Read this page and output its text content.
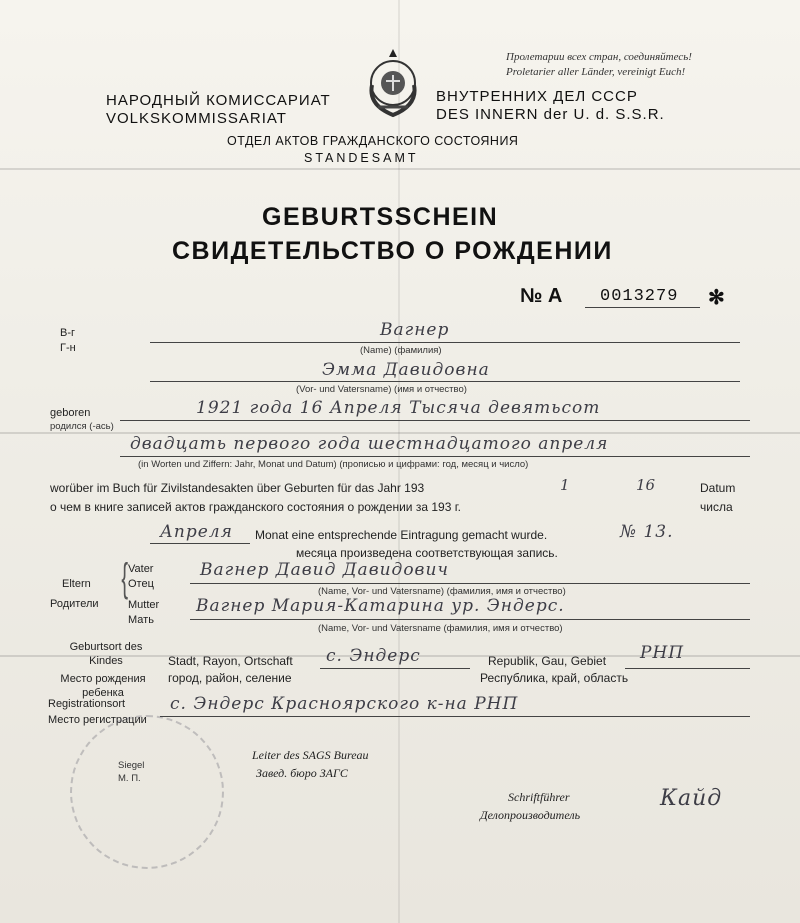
Пролетарии всех стран, соединяйтесь!
Proletarier aller Länder, vereinigt Euch!
НАРОДНЫЙ КОМИССАРИАТ
VOLKSKOMMISSARIAT
ВНУТРЕННИХ ДЕЛ СССР
DES INNERN der U. d. S.S.R.
ОТДЕЛ АКТОВ ГРАЖДАНСКОГО СОСТОЯНИЯ
STANDESAMT
GEBURTSSCHEIN
СВИДЕТЕЛЬСТВО О РОЖДЕНИИ
№ А 0013279 ✻
В-г
Г-н
Вагнер
(Name) (фамилия)
Эмма Давидовна
(Vor- und Vatersname) (имя и отчество)
geboren
родился (-ась)
1921 года 16 Апреля Тысяча девятьсот
двадцать первого года шестнадцатого апреля
(in Worten und Ziffern: Jahr, Monat und Datum) (прописью и цифрами: год, месяц и число)
worüber im Buch für Zivilstandesakten über Geburten für das Jahr 193	1	16	Datum
о чем в книге записей актов гражданского состояния о рождении за 193 г.	числа
Апреля Monat eine entsprechende Eintragung gemacht wurde.	№ 13.
месяца произведена соответствующая запись.
Eltern
Родители
Vater
Отец
Вагнер Давид Давидович
(Name, Vor- und Vatersname) (фамилия, имя и отчество)
Mutter
Мать
Вагнер Мария-Катарина ур. Эндерс.
(Name, Vor- und Vatersname (фамилия, имя и отчество)
{
Geburtsort des Kindes
Место рождения ребенка
Stadt, Rayon, Ortschaft
город, район, селение
с. Эндерс	Republik, Gau, Gebiet
Республика, край, область
РНП
Registrationsort
Место регистрации
с. Эндерс Красноярского к-на РНП
Siegel
М. П.
Leiter des SAGS Bureau
Завед. бюро ЗАГС
Schriftführer
Делопроизводитель
Кайд
